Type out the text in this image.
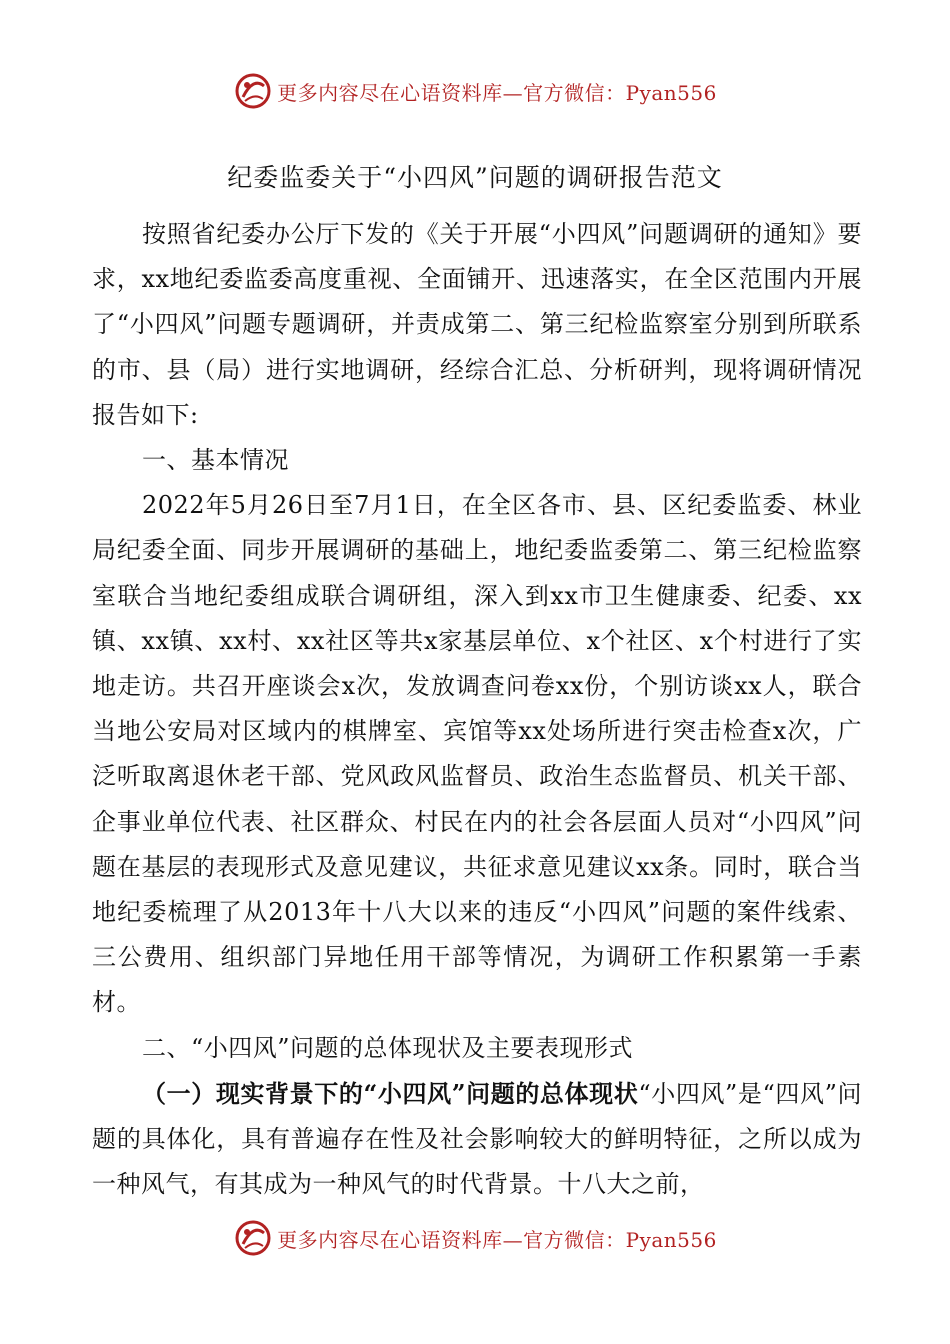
更多内容尽在心语资料库—官方微信：Pyan556
纪委监委关于“小四风”问题的调研报告范文

按照省纪委办公厅下发的《关于开展“小四风”问题调研的通知》要求，xx地纪委监委高度重视、全面铺开、迅速落实，在全区范围内开展了“小四风”问题专题调研，并责成第二、第三纪检监察室分别到所联系的市、县（局）进行实地调研，经综合汇总、分析研判，现将调研情况报告如下:

一、基本情况

2022年5月26日至7月1日，在全区各市、县、区纪委监委、林业局纪委全面、同步开展调研的基础上，地纪委监委第二、第三纪检监察室联合当地纪委组成联合调研组，深入到xx市卫生健康委、纪委、xx镇、xx镇、xx村、xx社区等共x家基层单位、x个社区、x个村进行了实地走访。共召开座谈会x次，发放调查问卷xx份，个别访谈xx人，联合当地公安局对区域内的棋牌室、宾馆等xx处场所进行突击检查x次，广泛听取离退休老干部、党风政风监督员、政治生态监督员、机关干部、企事业单位代表、社区群众、村民在内的社会各层面人员对“小四风”问题在基层的表现形式及意见建议，共征求意见建议xx条。同时，联合当地纪委梳理了从2013年十八大以来的违反“小四风”问题的案件线索、三公费用、组织部门异地任用干部等情况，为调研工作积累第一手素材。

二、“小四风”问题的总体现状及主要表现形式

（一）现实背景下的“小四风”问题的总体现状“小四风”是“四风”问题的具体化，具有普遍存在性及社会影响较大的鲜明特征，之所以成为一种风气，有其成为一种风气的时代背景。十八大之前，

更多内容尽在心语资料库—官方微信：Pyan556
